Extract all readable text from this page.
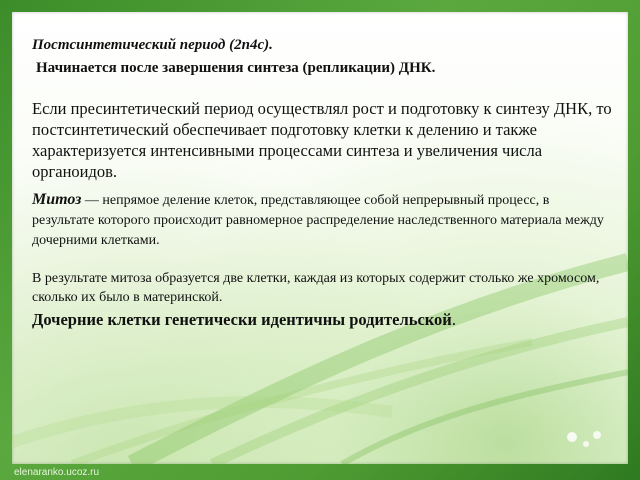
Постсинтетический период (2n4c).

Начинается после завершения синтеза (репликации) ДНК.

Если пресинтетический период осуществлял рост и подготовку к синтезу ДНК, то постсинтетический обеспечивает подготовку клетки к делению и также характеризуется интенсивными процессами синтеза и увеличения числа органоидов.

Митоз — непрямое деление клеток, представляющее собой непрерывный процесс, в результате которого происходит равномерное распределение наследственного материала между дочерними клетками.

В результате митоза образуется две клетки, каждая из которых содержит столько же хромосом, сколько их было в материнской.

Дочерние клетки генетически идентичны родительской.

elenaranko.ucoz.ru
